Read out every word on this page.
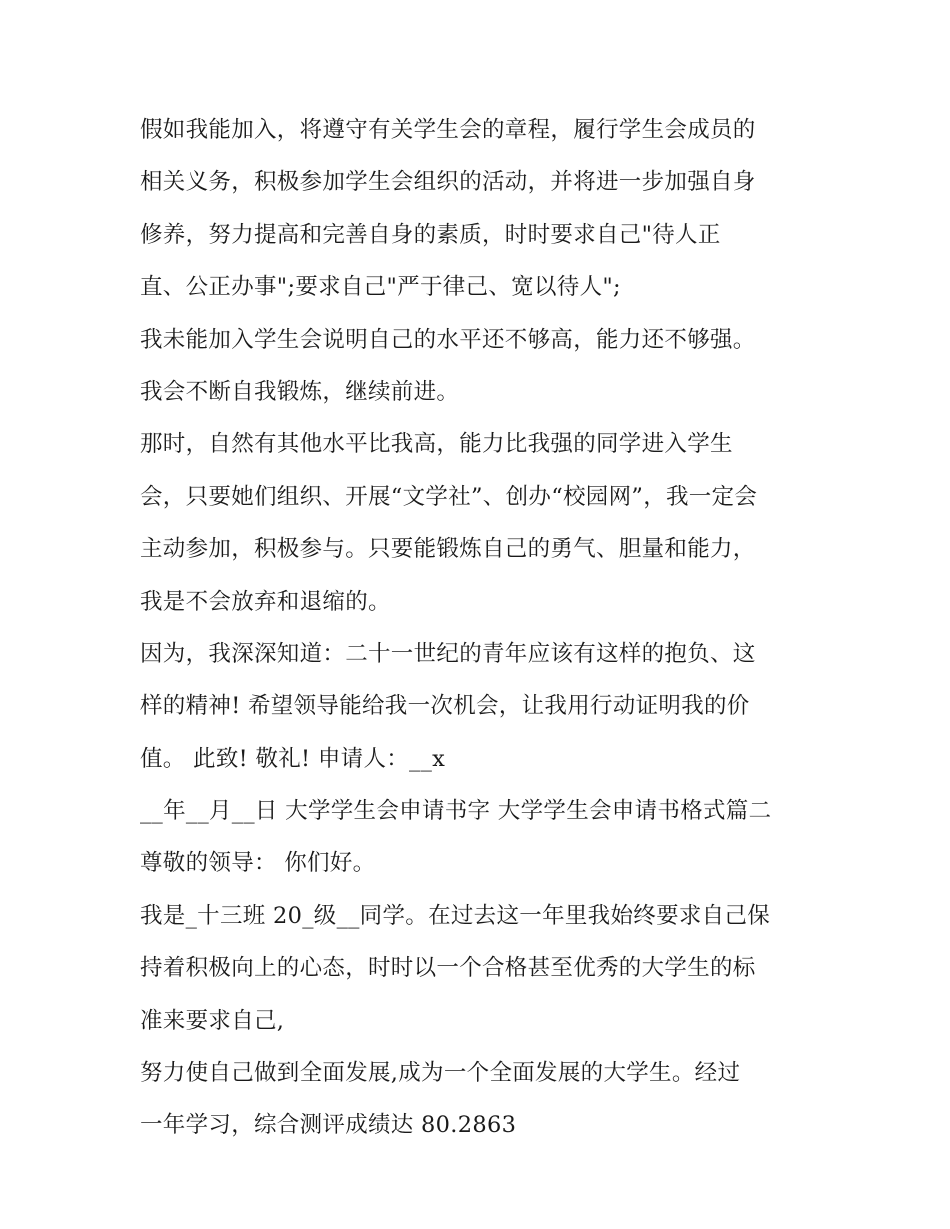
假如我能加入，将遵守有关学生会的章程，履行学生会成员的
相关义务，积极参加学生会组织的活动，并将进一步加强自身
修养，努力提高和完善自身的素质，时时要求自己"待人正
直、公正办事";要求自己"严于律己、宽以待人";
我未能加入学生会说明自己的水平还不够高，能力还不够强。
我会不断自我锻炼，继续前进。
那时，自然有其他水平比我高，能力比我强的同学进入学生
会，只要她们组织、开展“文学社”、创办“校园网”，我一定会
主动参加，积极参与。只要能锻炼自己的勇气、胆量和能力，
我是不会放弃和退缩的。
因为，我深深知道：二十一世纪的青年应该有这样的抱负、这
样的精神! 希望领导能给我一次机会，让我用行动证明我的价
值。 此致! 敬礼! 申请人：__x
__年__月__日 大学学生会申请书字 大学学生会申请书格式篇二
尊敬的领导： 你们好。
我是_十三班 20_级__同学。在过去这一年里我始终要求自己保
持着积极向上的心态，时时以一个合格甚至优秀的大学生的标
准来要求自己,
努力使自己做到全面发展,成为一个全面发展的大学生。经过
一年学习，综合测评成绩达 80.2863
